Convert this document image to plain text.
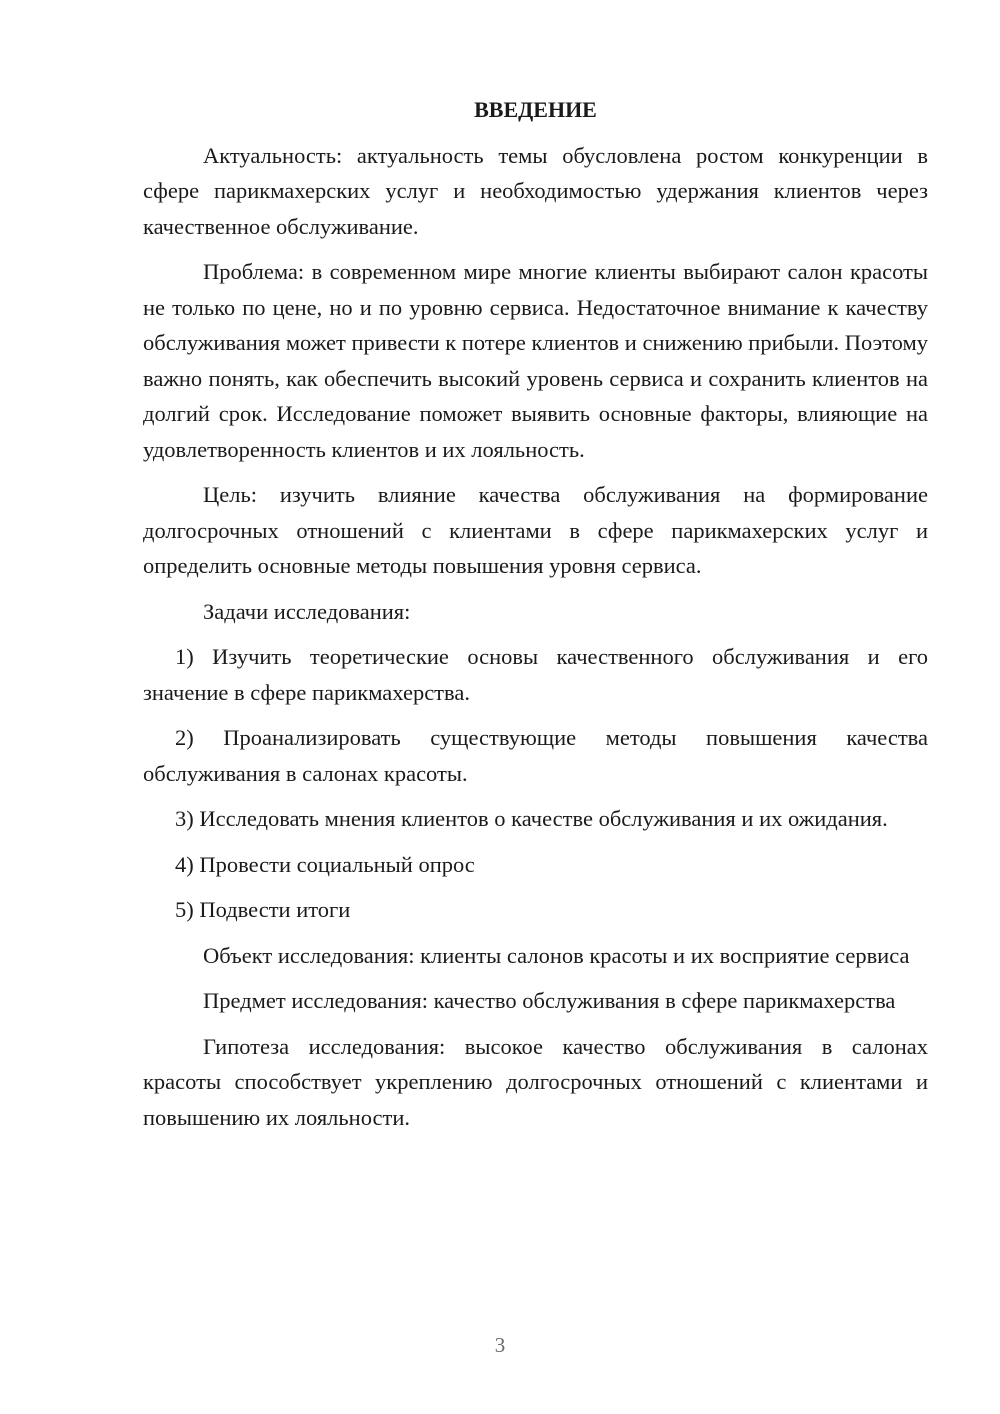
ВВЕДЕНИЕ

Актуальность: актуальность темы обусловлена ростом конкуренции в сфере парикмахерских услуг и необходимостью удержания клиентов через качественное обслуживание.

Проблема: в современном мире многие клиенты выбирают салон красоты не только по цене, но и по уровню сервиса. Недостаточное внимание к качеству обслуживания может привести к потере клиентов и снижению прибыли. Поэтому важно понять, как обеспечить высокий уровень сервиса и сохранить клиентов на долгий срок. Исследование поможет выявить основные факторы, влияющие на удовлетворенность клиентов и их лояльность.

Цель: изучить влияние качества обслуживания на формирование долгосрочных отношений с клиентами в сфере парикмахерских услуг и определить основные методы повышения уровня сервиса.

Задачи исследования:

1) Изучить теоретические основы качественного обслуживания и его значение в сфере парикмахерства.

2) Проанализировать существующие методы повышения качества обслуживания в салонах красоты.

3) Исследовать мнения клиентов о качестве обслуживания и их ожидания.

4) Провести социальный опрос

5) Подвести итоги

Объект исследования: клиенты салонов красоты и их восприятие сервиса

Предмет исследования: качество обслуживания в сфере парикмахерства

Гипотеза исследования: высокое качество обслуживания в салонах красоты способствует укреплению долгосрочных отношений с клиентами и повышению их лояльности.

3
